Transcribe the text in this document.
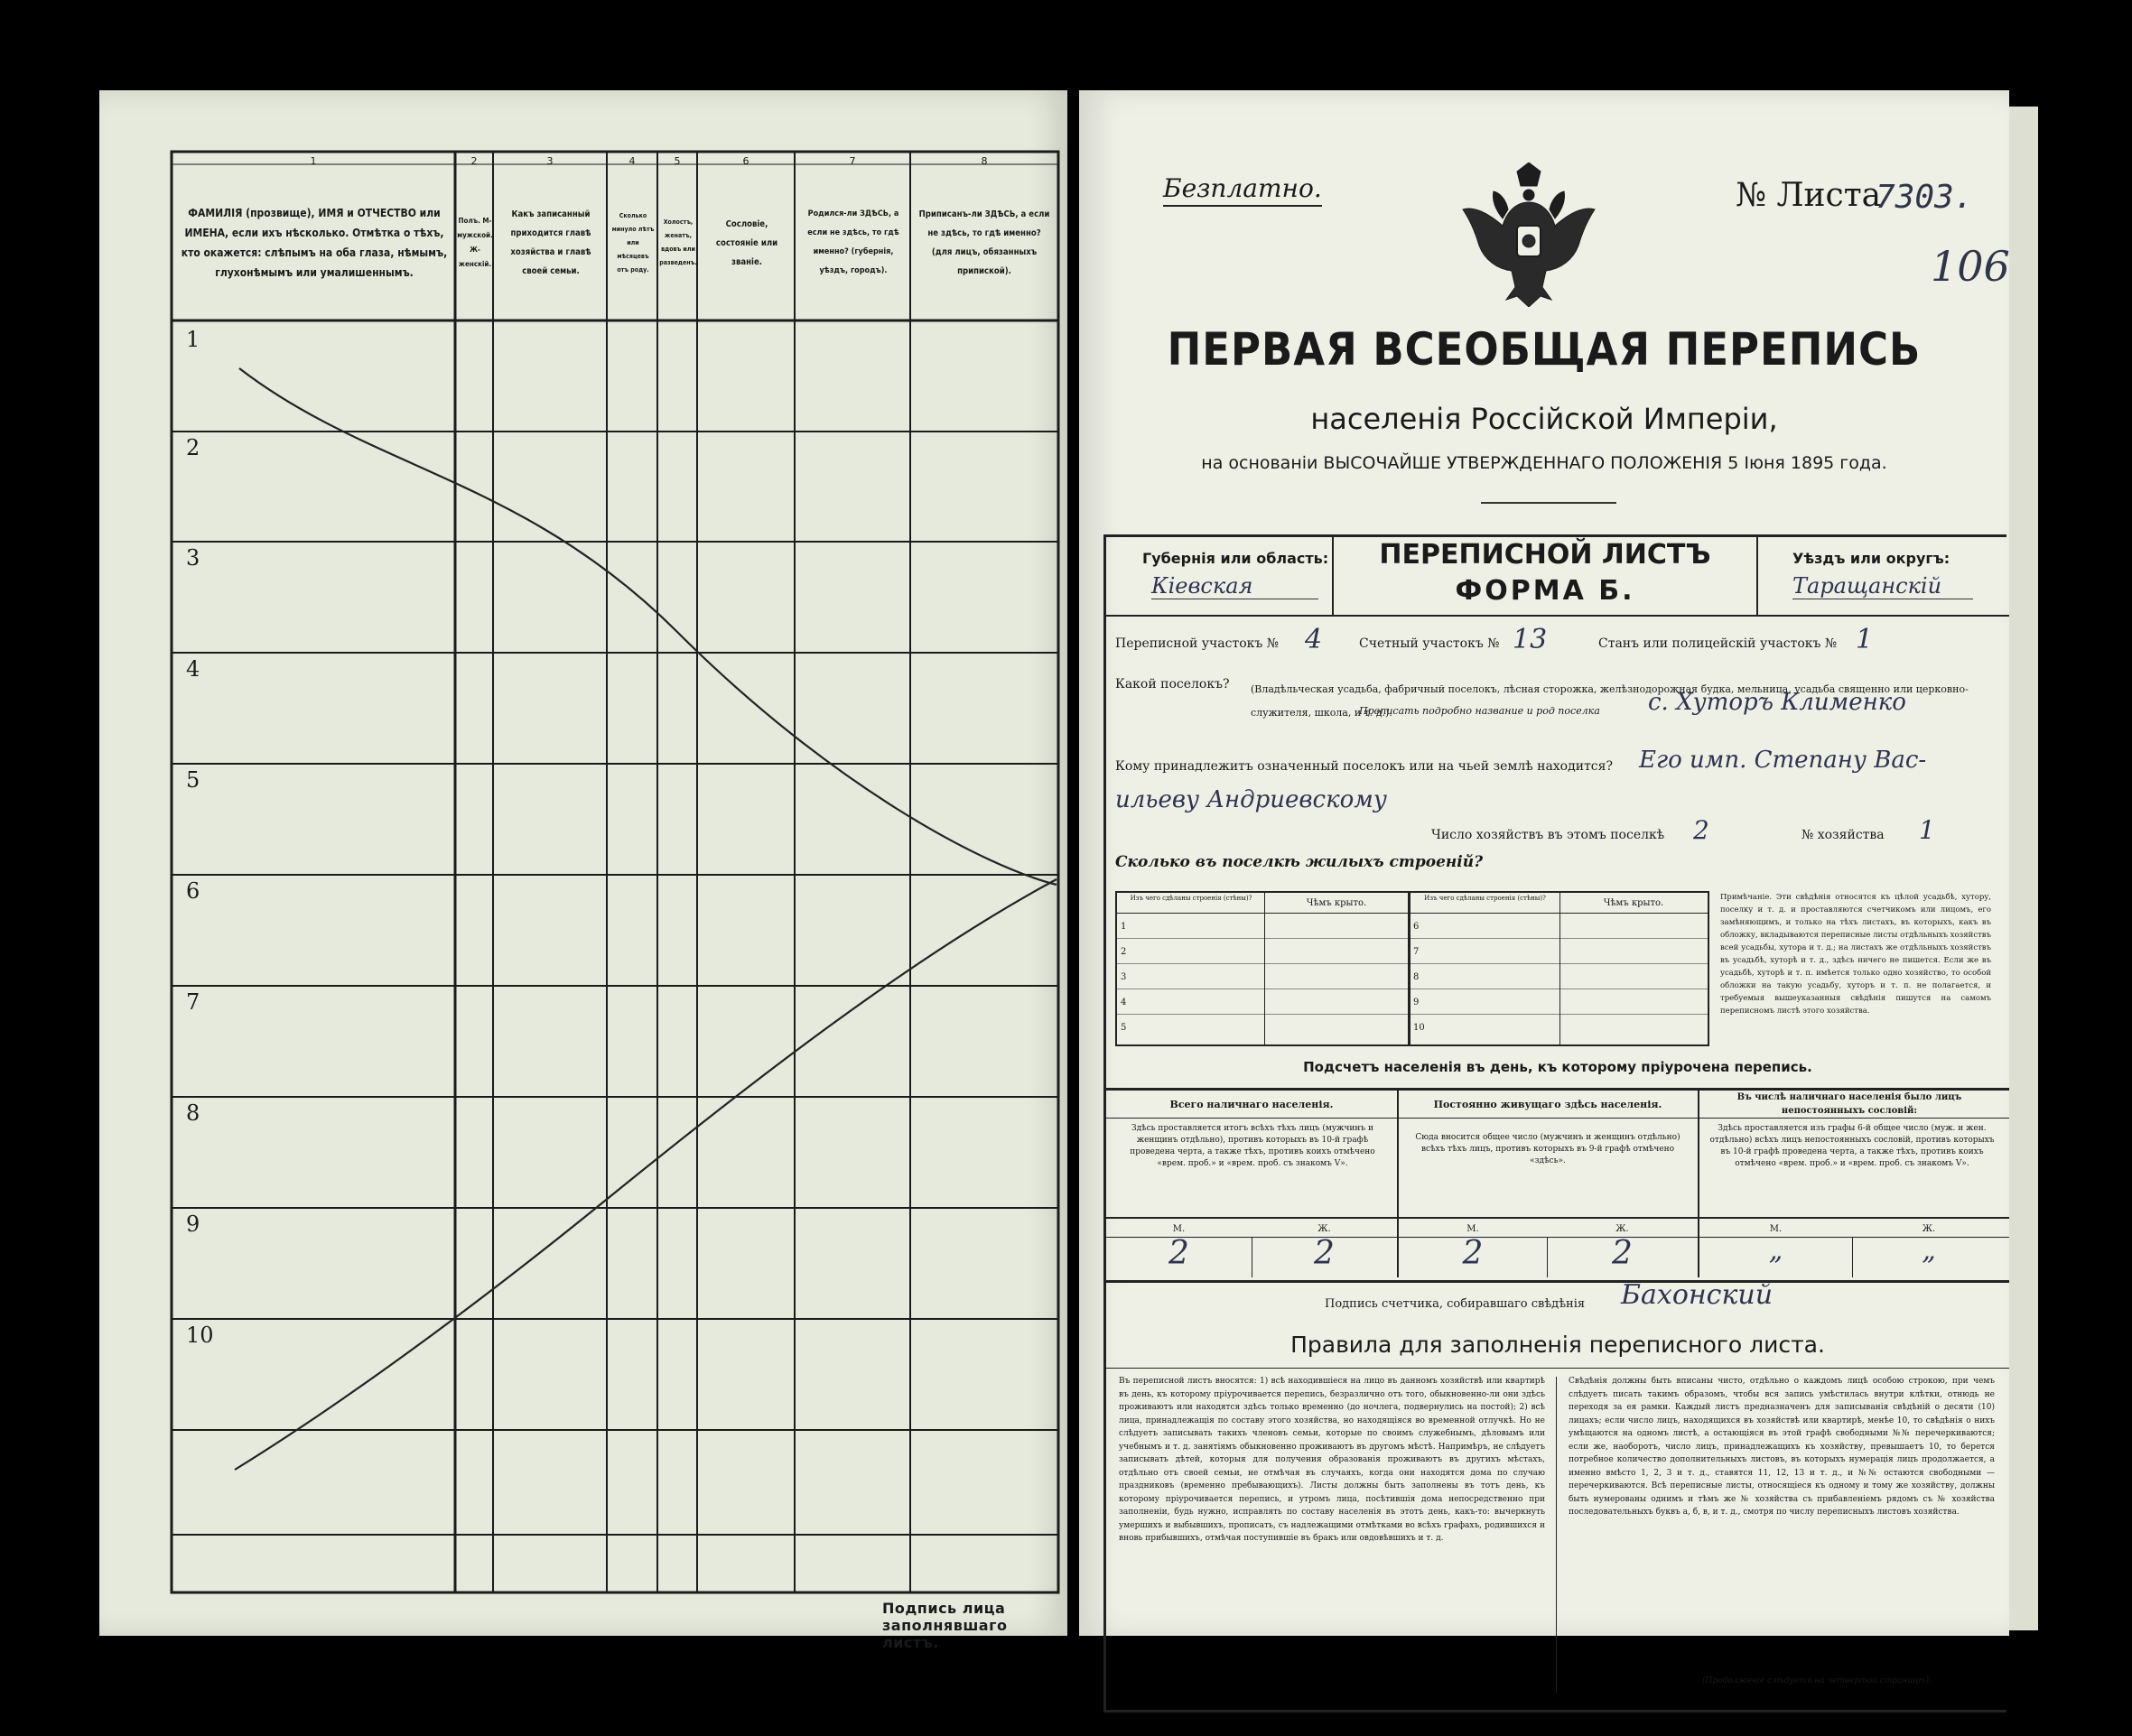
1	2	3	4	5	6	7	8
ФАМИЛІЯ (прозвище), ИМЯ и ОТЧЕСТВО или ИМЕНА, если ихъ нѣсколько. Отмѣтка о тѣхъ, кто окажется: слѣпымъ на оба глаза, нѣмымъ, глухонѣмымъ или умалишеннымъ.
Полъ. М-мужской. Ж-женскій.
Какъ записанный приходится главѣ хозяйства и главѣ своей семьи.
Сколько минуло лѣтъ или мѣсяцевъ отъ роду.
Холостъ, женатъ, вдовъ или разведенъ.
Сословіе, состояніе или званіе.
Родился-ли ЗДѢСЬ, а если не здѣсь, то гдѣ именно? (губернія, уѣздъ, городъ).
Приписанъ-ли ЗДѢСЬ, а если не здѣсь, то гдѣ именно? (для лицъ, обязанныхъ припиской).
1
2
3
4
5
6
7
8
9
10
Подпись лица заполнявшаго листъ.
Безплатно.	№ Листа
7303.
106
ПЕРВАЯ ВСЕОБЩАЯ ПЕРЕПИСЬ
населенія Россійской Имперіи,
на основаніи ВЫСОЧАЙШЕ УТВЕРЖДЕННАГО ПОЛОЖЕНІЯ 5 Іюня 1895 года.
Губернія или область:
Кіевская
ПЕРЕПИСНОЙ ЛИСТЪ
ФОРМА Б.
Уѣздъ или округъ:
Таращанскій
Переписной участокъ № 4	Счетный участокъ № 13	Станъ или полицейскій участокъ № 1
Какой поселокъ? (Владѣльческая усадьба, фабричный поселокъ, лѣсная сторожка, желѣзнодорожная будка, мельница, усадьба священно или церковно-служителя, школа, и т. д.).
Прописать подробно название и род поселка с. Хуторъ Клименко
Кому принадлежитъ означенный поселокъ или на чьей землѣ находится? Его имп. Степану Вас-
ильеву Андриевскому
Число хозяйствъ въ этомъ поселкѣ 2	№ хозяйства 1
Сколько въ поселкѣ жилыхъ строеній?
Изъ чего сдѣланы строенія (стѣны)?	Чѣмъ крыто.	Изъ чего сдѣланы строенія (стѣны)?	Чѣмъ крыто.
1
2
3
4
5
6
7
8
9
10
Примѣчаніе. Эти свѣдѣнія относятся къ цѣлой усадьбѣ, хутору, поселку и т. д. и проставляются счетчикомъ или лицомъ, его замѣняющимъ, и только на тѣхъ листахъ, въ которыхъ, какъ въ обложку, вкладываются переписные листы отдѣльныхъ хозяйствъ всей усадьбы, хутора и т. д.; на листахъ же отдѣльныхъ хозяйствъ въ усадьбѣ, хуторѣ и т. д., здѣсь ничего не пишется. Если же въ усадьбѣ, хуторѣ и т. п. имѣется только одно хозяйство, то особой обложки на такую усадьбу, хуторъ и т. п. не полагается, и требуемыя вышеуказанныя свѣдѣнія пишутся на самомъ переписномъ листѣ этого хозяйства.
Подсчетъ населенія въ день, къ которому пріурочена перепись.
Всего наличнаго населенія.	Постоянно живущаго здѣсь населенія.
Въ числѣ наличнаго населенія было лицъ непостоянныхъ сословій:
Здѣсь проставляется итогъ всѣхъ тѣхъ лицъ (мужчинъ и женщинъ отдѣльно), противъ которыхъ въ 10-й графѣ проведена черта, а также тѣхъ, противъ коихъ отмѣчено «врем. проб.» и «врем. проб. съ знакомъ V».
Сюда вносится общее число (мужчинъ и женщинъ отдѣльно) всѣхъ тѣхъ лицъ, противъ которыхъ въ 9-й графѣ отмѣчено «здѣсь».
Здѣсь проставляется изъ графы 6-й общее число (муж. и жен. отдѣльно) всѣхъ лицъ непостоянныхъ сословій, противъ которыхъ въ 10-й графѣ проведена черта, а также тѣхъ, противъ коихъ отмѣчено «врем. проб.» и «врем. проб. съ знакомъ V».
М.	Ж.	М.	Ж.	М.	Ж.
2	2	2	2	„	„
Подпись счетчика, собиравшаго свѣдѣнія Бахонский
Правила для заполненія переписного листа.
Въ переписной листъ вносятся: 1) всѣ находившіеся на лицо въ данномъ хозяйствѣ или квартирѣ въ день, къ которому пріурочивается перепись, безразлично отъ того, обыкновенно-ли они здѣсь проживаютъ или находятся здѣсь только временно (до ночлега, подвернулись на постой); 2) всѣ лица, принадлежащія по составу этого хозяйства, но находящіяся во временной отлучкѣ. Но не слѣдуетъ записывать такихъ членовъ семьи, которые по своимъ служебнымъ, дѣловымъ или учебнымъ и т. д. занятіямъ обыкновенно проживаютъ въ другомъ мѣстѣ. Напримѣръ, не слѣдуетъ записывать дѣтей, которыя для получения образованія проживаютъ въ другихъ мѣстахъ, отдѣльно отъ своей семьи, не отмѣчая въ случаяхъ, когда они находятся дома по случаю праздниковъ (временно пребывающихъ). Листы должны быть заполнены въ тотъ день, къ которому пріурочивается перепись, и утромъ лица, посѣтившія дома непосредственно при заполненіи, будь нужно, исправлять по составу населенія въ этотъ день, какъ-то: вычеркнуть умершихъ и выбывшихъ, прописать, съ надлежащими отмѣтками во всѣхъ графахъ, родившихся и вновь прибывшихъ, отмѣчая поступившіе въ бракъ или овдовѣвшихъ и т. д.
Свѣдѣнія должны быть вписаны чисто, отдѣльно о каждомъ лицѣ особою строкою, при чемъ слѣдуетъ писать такимъ образомъ, чтобы вся запись умѣстилась внутри клѣтки, отнюдь не переходя за ея рамки. Каждый листъ предназначенъ для записыванія свѣдѣній о десяти (10) лицахъ; если число лицъ, находящихся въ хозяйствѣ или квартирѣ, менѣе 10, то свѣдѣнія о нихъ умѣщаются на одномъ листѣ, а остающіяся въ этой графѣ свободными №№ перечеркиваются; если же, наоборотъ, число лицъ, принадлежащихъ къ хозяйству, превышаетъ 10, то берется потребное количество дополнительныхъ листовъ, въ которыхъ нумерація лицъ продолжается, а именно вмѣсто 1, 2, 3 и т. д., ставятся 11, 12, 13 и т. д., и №№ остаются свободными — перечеркиваются. Всѣ переписные листы, относящіеся къ одному и тому же хозяйству, должны быть нумерованы однимъ и тѣмъ же № хозяйства съ прибавленіемъ рядомъ съ № хозяйства последовательныхъ буквъ а, б, в, и т. д., смотря по числу переписныхъ листовъ хозяйства.
(Продолженіе слѣдуетъ на четвертой страницѣ).
